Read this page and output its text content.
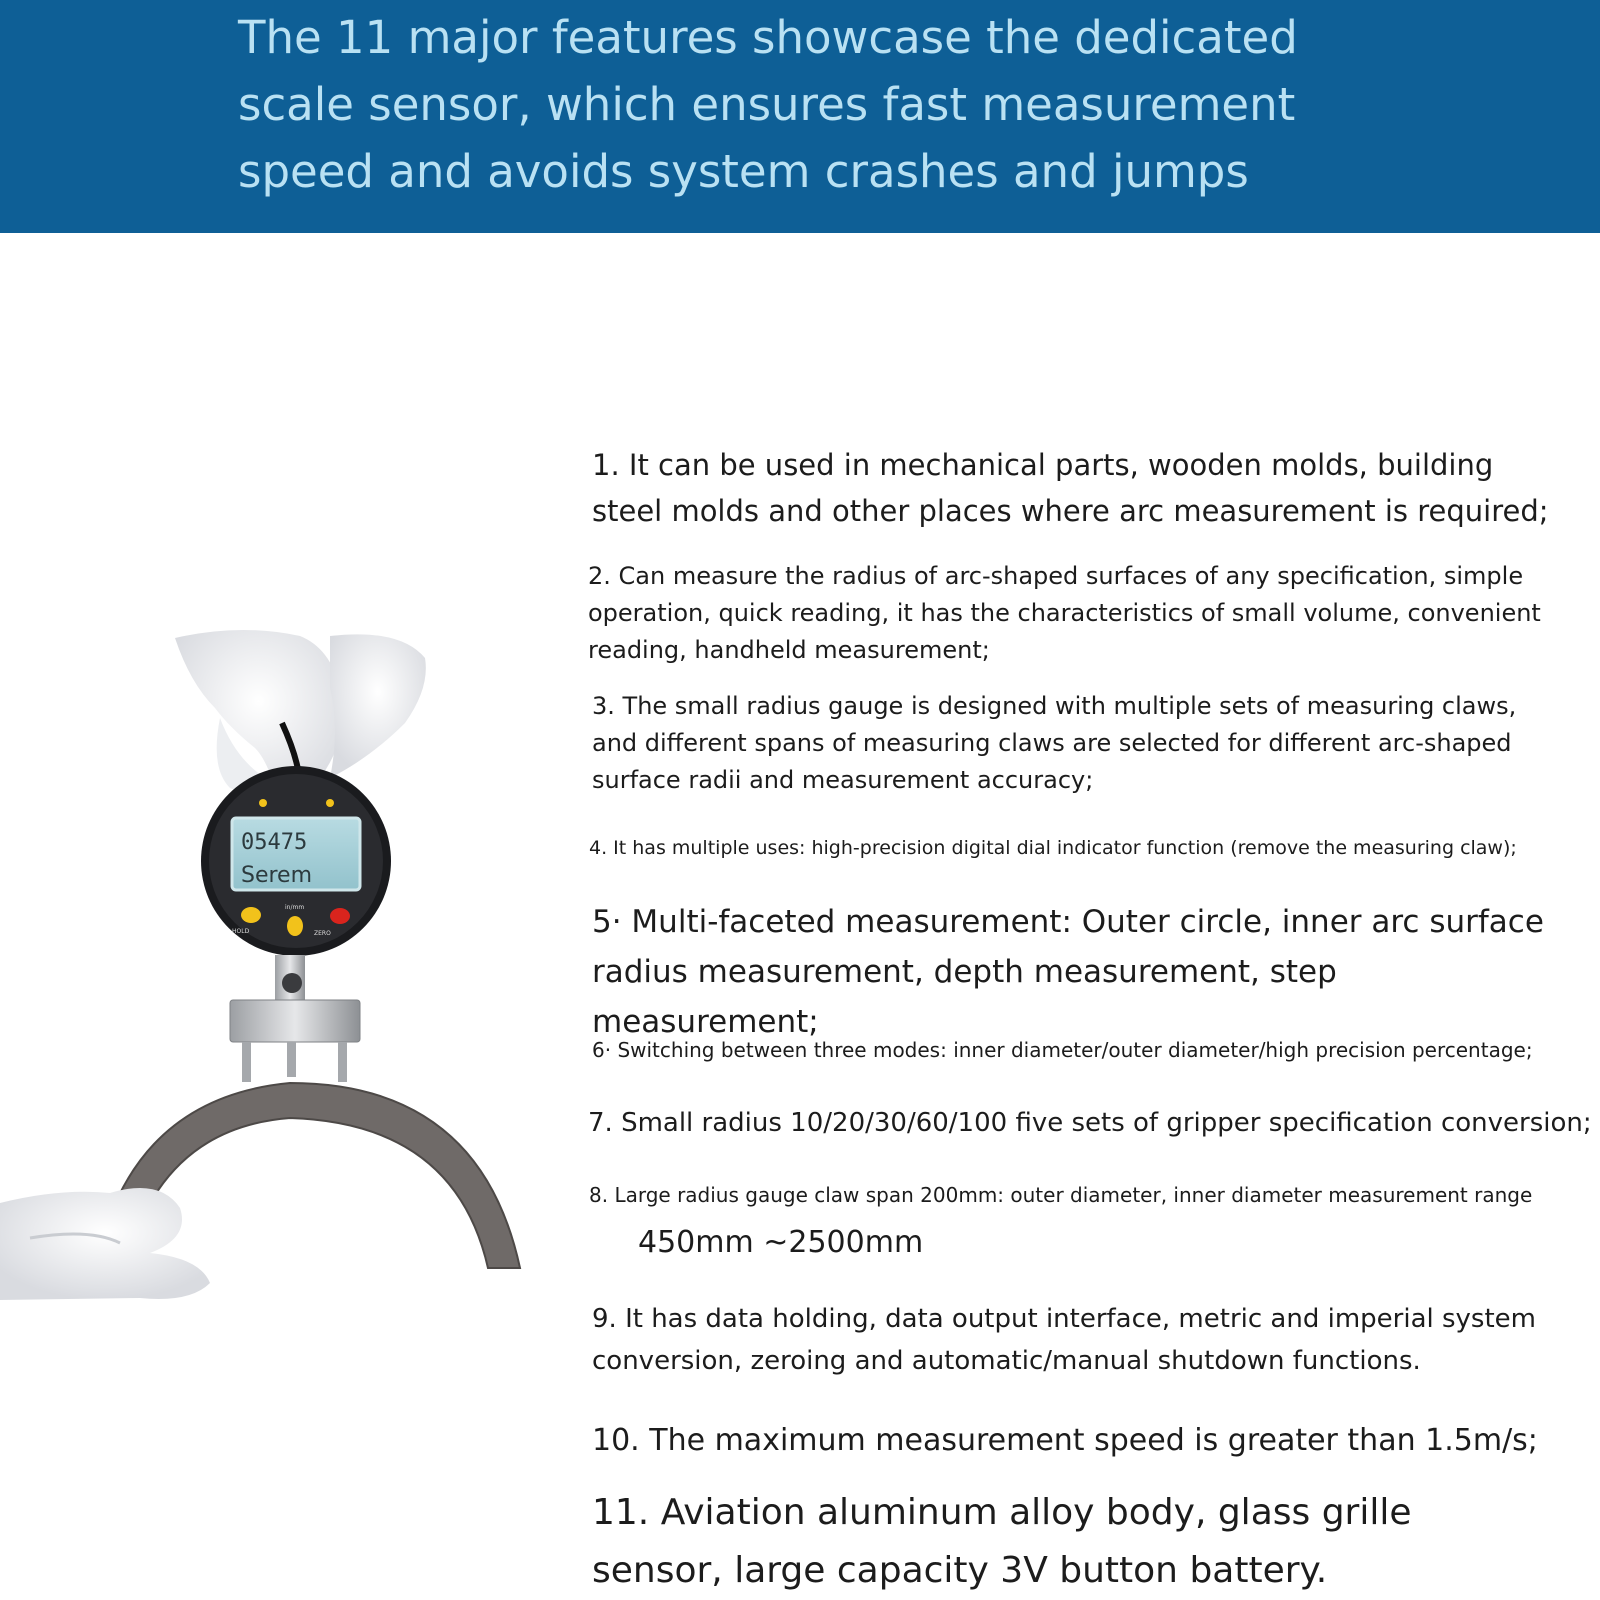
The 11 major features showcase the dedicated scale sensor, which ensures fast measurement speed and avoids system crashes and jumps
05475
Serem
HOLD
in/mm
ZERO

1. It can be used in mechanical parts, wooden molds, building steel molds and other places where arc measurement is required;

2. Can measure the radius of arc-shaped surfaces of any specification, simple operation, quick reading, it has the characteristics of small volume, convenient reading, handheld measurement;

3. The small radius gauge is designed with multiple sets of measuring claws, and different spans of measuring claws are selected for different arc-shaped surface radii and measurement accuracy;

4. It has multiple uses: high-precision digital dial indicator function (remove the measuring claw);

5· Multi-faceted measurement: Outer circle, inner arc surface radius measurement, depth measurement, step measurement;

6· Switching between three modes: inner diameter/outer diameter/high precision percentage;

7. Small radius 10/20/30/60/100 five sets of gripper specification conversion;

8. Large radius gauge claw span 200mm: outer diameter, inner diameter measurement range

450mm ~2500mm

9. It has data holding, data output interface, metric and imperial system conversion, zeroing and automatic/manual shutdown functions.

10. The maximum measurement speed is greater than 1.5m/s;

11. Aviation aluminum alloy body, glass grille sensor, large capacity 3V button battery.
